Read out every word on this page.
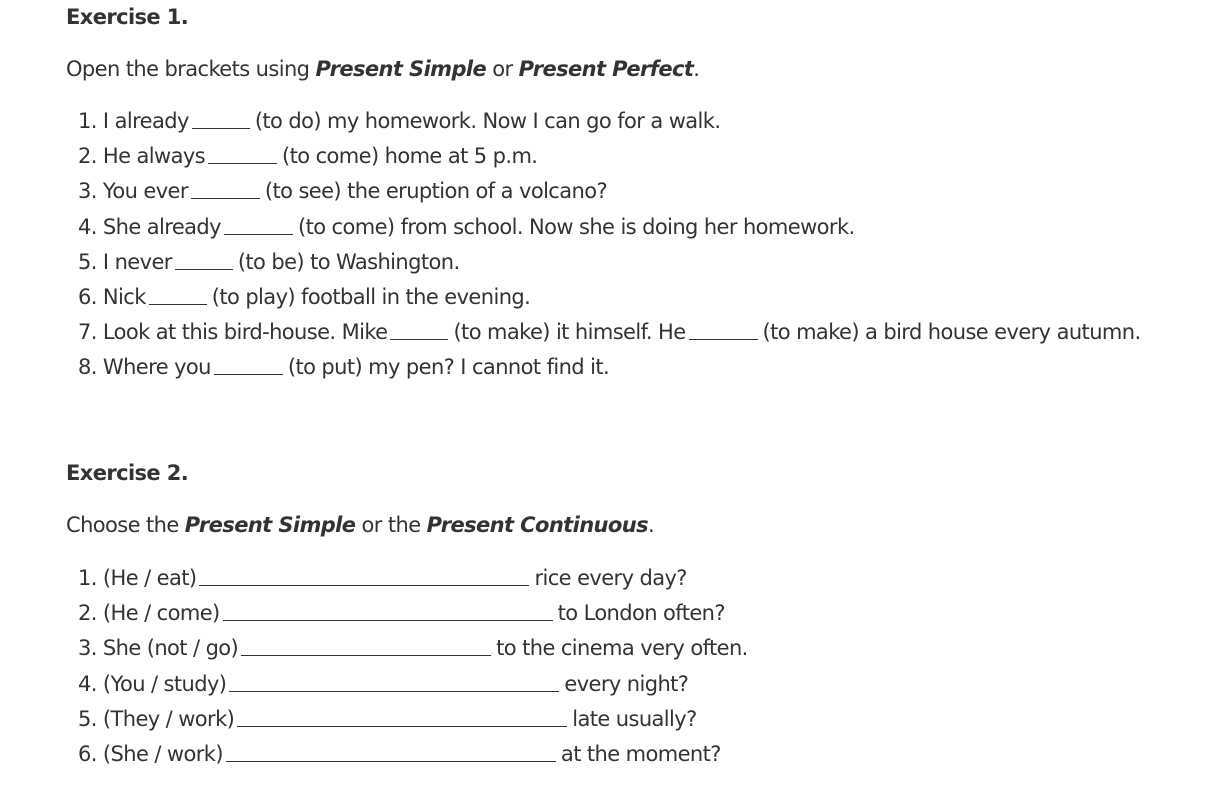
Exercise 1.
Open the brackets using Present Simple or Present Perfect.
1. I already	(to do) my homework. Now I can go for a walk.
2. He always	(to come) home at 5 p.m.
3. You ever	(to see) the eruption of a volcano?
4. She already	(to come) from school. Now she is doing her homework.
5. I never	(to be) to Washington.
6. Nick	(to play) football in the evening.
7. Look at this bird-house. Mike	(to make) it himself. He	(to make) a bird house every autumn.
8. Where you	(to put) my pen? I cannot find it.
Exercise 2.
Choose the Present Simple or the Present Continuous.
1. (He / eat)	rice every day?
2. (He / come)	to London often?
3. She (not / go)	to the cinema very often.
4. (You / study)	every night?
5. (They / work)	late usually?
6. (She / work)	at the moment?
